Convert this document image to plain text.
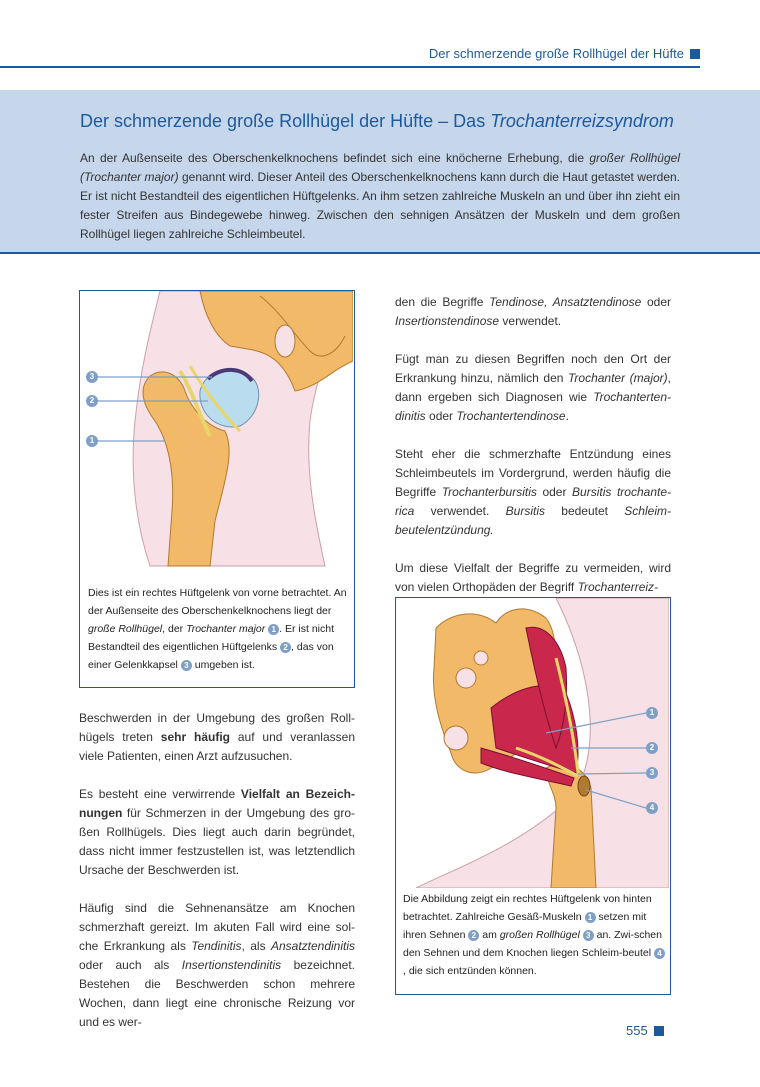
Der schmerzende große Rollhügel der Hüfte
Der schmerzende große Rollhügel der Hüfte – Das Trochanterreizsyndrom
An der Außenseite des Oberschenkelknochens befindet sich eine knöcherne Erhebung, die großer Rollhügel (Trochanter major) genannt wird. Dieser Anteil des Oberschenkelknochens kann durch die Haut getastet werden. Er ist nicht Bestandteil des eigentlichen Hüftgelenks. An ihm setzen zahlreiche Muskeln an und über ihn zieht ein fester Streifen aus Bindegewebe hinweg. Zwischen den sehnigen Ansätzen der Muskeln und dem großen Rollhügel liegen zahlreiche Schleimbeutel.
3
2
1
Dies ist ein rechtes Hüftgelenk von vorne betrachtet. An der Außenseite des Oberschenkelknochens liegt der große Rollhügel, der Trochanter major 1 . Er ist nicht Bestandteil des eigentlichen Hüftgelenks 2 , das von einer Gelenkkapsel 3 umgeben ist.

Beschwerden in der Umgebung des großen Roll-hügels treten sehr häufig auf und veranlassen viele Patienten, einen Arzt aufzusuchen.

Es besteht eine verwirrende Vielfalt an Bezeich-nungen für Schmerzen in der Umgebung des gro-ßen Rollhügels. Dies liegt auch darin begründet, dass nicht immer festzustellen ist, was letztendlich Ursache der Beschwerden ist.

Häufig sind die Sehnenansätze am Knochen schmerzhaft gereizt. Im akuten Fall wird eine sol-che Erkrankung als Tendinitis, als Ansatztendinitis oder auch als Insertionstendinitis bezeichnet. Bestehen die Beschwerden schon mehrere Wochen, dann liegt eine chronische Reizung vor und es wer-

den die Begriffe Tendinose, Ansatztendinose oder Insertionstendinose verwendet.

Fügt man zu diesen Begriffen noch den Ort der Erkrankung hinzu, nämlich den Trochanter (major), dann ergeben sich Diagnosen wie Trochanterten-dinitis oder Trochantertendinose.

Steht eher die schmerzhafte Entzündung eines Schleimbeutels im Vordergrund, werden häufig die Begriffe Trochanterbursitis oder Bursitis trochante-rica verwendet. Bursitis bedeutet Schleim-beutelentzündung.

Um diese Vielfalt der Begriffe zu vermeiden, wird von vielen Orthopäden der Begriff Trochanterreiz-

1
2
3
4
Die Abbildung zeigt ein rechtes Hüftgelenk von hinten betrachtet. Zahlreiche Gesäß-Muskeln 1 setzen mit ihren Sehnen 2 am großen Rollhügel 3 an. Zwi-schen den Sehnen und dem Knochen liegen Schleim-beutel 4, die sich entzünden können.
555
